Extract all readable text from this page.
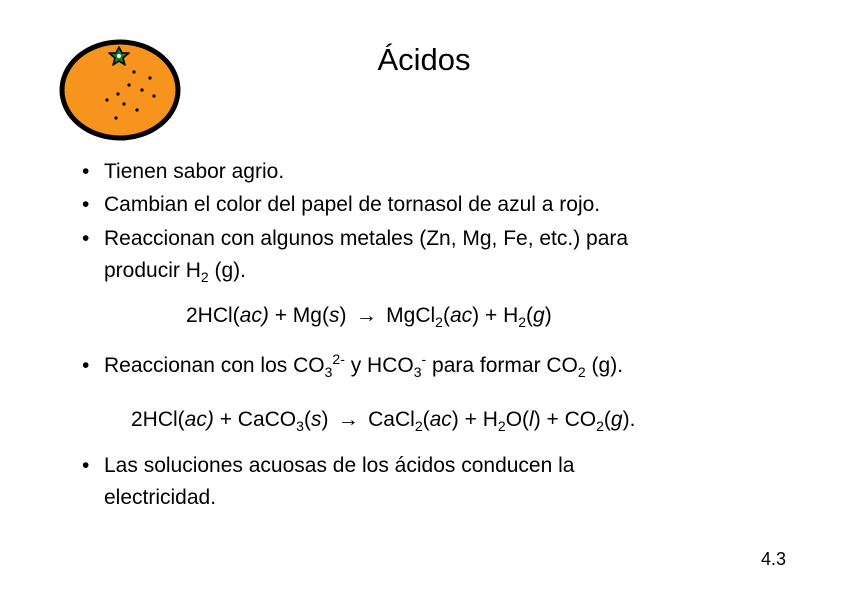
Ácidos
• Tienen sabor agrio.
• Cambian el color del papel de tornasol de azul a rojo.
• Reaccionan con algunos metales (Zn, Mg, Fe, etc.) para
producir $H_2$ (g).
2HCl(ac) + Mg(s) → MgCl$_2$(ac) + $H_2(g)$
• Reaccionan con los $CO_3^{2-}$ y $HCO_3^-$ para formar $CO_2$ (g).
2HCl(ac) + CaCO$_3$(s) → CaCl$_2$(ac) + $H_2O(l) + CO_2(g)$.
• Las soluciones acuosas de los ácidos conducen la
electricidad.
4.3
